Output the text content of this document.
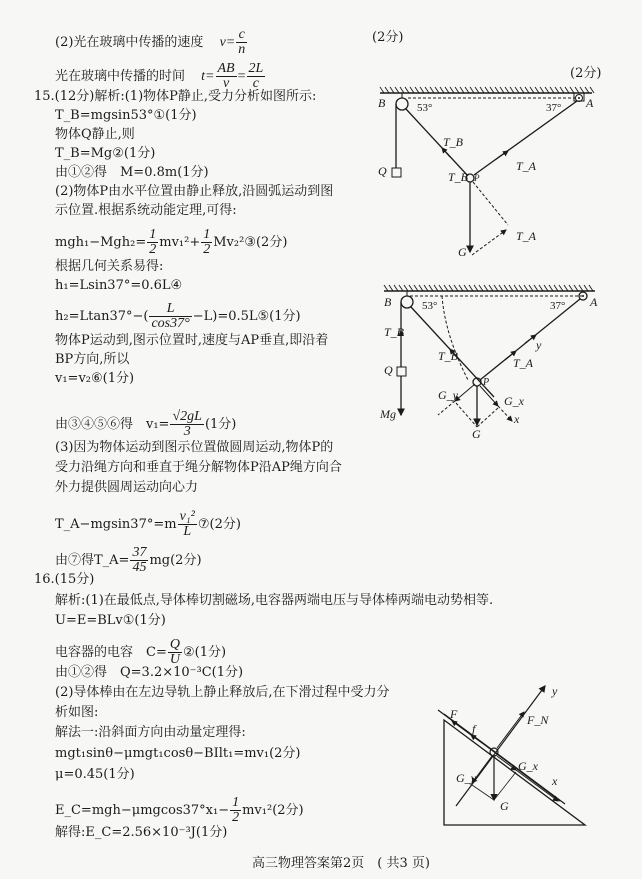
(2)光在玻璃中传播的速度 $v= \frac{c}{n}$	(2分)
光在玻璃中传播的时间 $t= \frac{AB}{v} = \frac{2L}{c}$	(2分)
15.(12分)解析:(1)物体P静止,受力分析如图所示:
T_B=mgsin53°①(1分)
物体Q静止,则
T_B=Mg②(1分)
由①②得　M=0.8m(1分)
(2)物体P由水平位置由静止释放,沿圆弧运动到图
示位置.根据系统动能定理,可得:
$mgh_1-Mgh_2= \frac{1}{2} mv_1^2+ \frac{1}{2}$ Mv₂²③(2分)
根据几何关系易得:
h₁=Lsin37°=0.6L④
$h_2=Ltan37^\circ-( \frac{L}{\cos 37^\circ}$ −L)=0.5L⑤(1分)
物体P运动到,图示位置时,速度与AP垂直,即沿着
BP方向,所以
v₁=v₂⑥(1分)
由③④⑤⑥得　$v_1= \frac{√2gL}{3} (1$分)
(3)因为物体运动到图示位置做圆周运动,物体P的
受力沿绳方向和垂直于绳分解物体P沿AP绳方向合
外力提供圆周运动向心力
T_A−mgsin37°=m $\frac{\text{v₁²}}{L}$ ⑦(2分)
由⑦得T_A= $\frac{37}{45} mg(2$分)
16.(15分)
解析:(1)在最低点,导体棒切割磁场,电容器两端电压与导体棒两端电动势相等.
U=E=BLv①(1分)
电容器的电容　$C= \frac{Q}{U}$ ②(1分)
由①②得　Q=3.2×10⁻³C(1分)
(2)导体棒由在左边导轨上静止释放后,在下滑过程中受力分
析如图:
解法一:沿斜面方向由动量定理得:
mgt₁sinθ−μmgt₁cosθ−BIlt₁=mv₁(2分)
μ=0.45(1分)
E_C=mgh−μmgcos37°x₁− $\frac{1}{2} mv_1^2(2$分)
解得:E_C=2.56×10⁻³J(1分)
高三物理答案第2页　( 共3 页)
B	A
53°	37°
Q
T_B
T_B
T_A
P
G
T_A
B	A
53°	37°
T_B
Q
Mg
T_B	T_A
y
P
G_y	G_x
x
G
F
f
F_N
y
G_x
G_y	x
G
